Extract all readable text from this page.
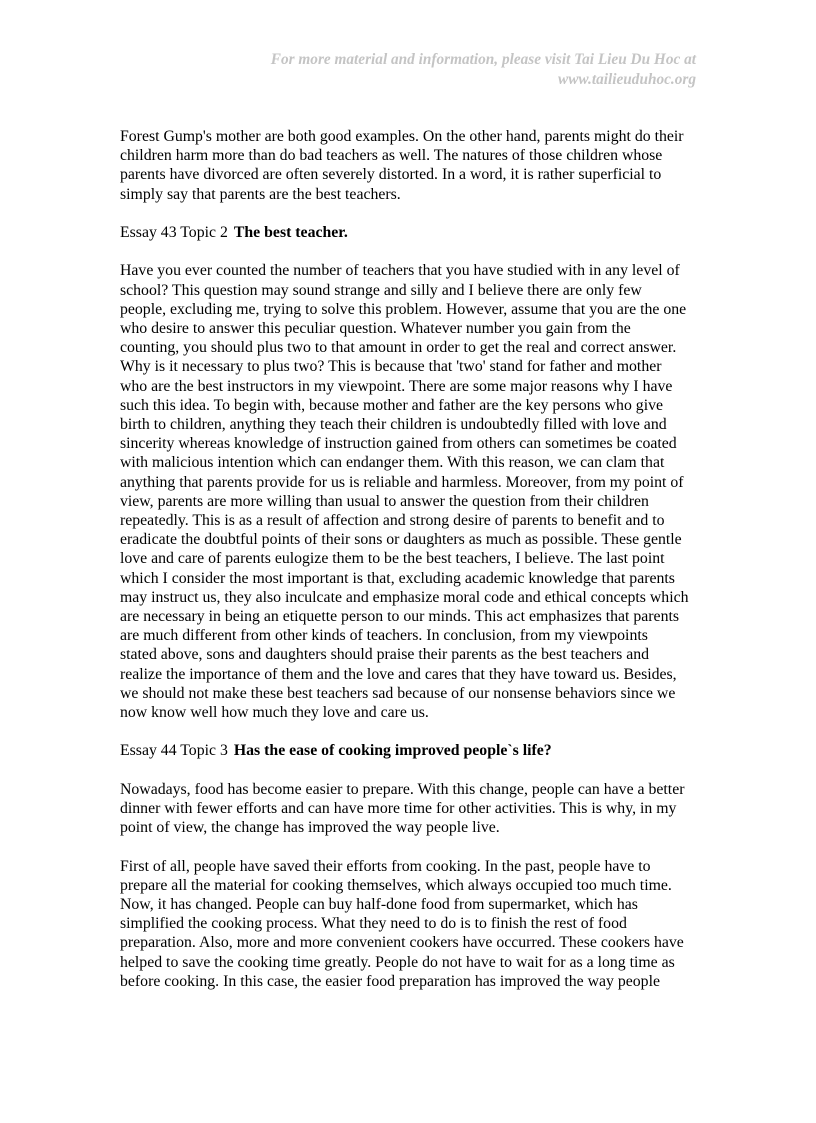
For more material and information, please visit Tai Lieu Du Hoc at
www.tailieuduhoc.org

Forest Gump's mother are both good examples. On the other hand, parents might do their
children harm more than do bad teachers as well. The natures of those children whose
parents have divorced are often severely distorted. In a word, it is rather superficial to
simply say that parents are the best teachers.

Essay 43 Topic 2 The best teacher.

Have you ever counted the number of teachers that you have studied with in any level of
school? This question may sound strange and silly and I believe there are only few
people, excluding me, trying to solve this problem. However, assume that you are the one
who desire to answer this peculiar question. Whatever number you gain from the
counting, you should plus two to that amount in order to get the real and correct answer.
Why is it necessary to plus two? This is because that 'two' stand for father and mother
who are the best instructors in my viewpoint. There are some major reasons why I have
such this idea. To begin with, because mother and father are the key persons who give
birth to children, anything they teach their children is undoubtedly filled with love and
sincerity whereas knowledge of instruction gained from others can sometimes be coated
with malicious intention which can endanger them. With this reason, we can clam that
anything that parents provide for us is reliable and harmless. Moreover, from my point of
view, parents are more willing than usual to answer the question from their children
repeatedly. This is as a result of affection and strong desire of parents to benefit and to
eradicate the doubtful points of their sons or daughters as much as possible. These gentle
love and care of parents eulogize them to be the best teachers, I believe. The last point
which I consider the most important is that, excluding academic knowledge that parents
may instruct us, they also inculcate and emphasize moral code and ethical concepts which
are necessary in being an etiquette person to our minds. This act emphasizes that parents
are much different from other kinds of teachers. In conclusion, from my viewpoints
stated above, sons and daughters should praise their parents as the best teachers and
realize the importance of them and the love and cares that they have toward us. Besides,
we should not make these best teachers sad because of our nonsense behaviors since we
now know well how much they love and care us.

Essay 44 Topic 3 Has the ease of cooking improved people`s life?

Nowadays, food has become easier to prepare. With this change, people can have a better
dinner with fewer efforts and can have more time for other activities. This is why, in my
point of view, the change has improved the way people live.

First of all, people have saved their efforts from cooking. In the past, people have to
prepare all the material for cooking themselves, which always occupied too much time.
Now, it has changed. People can buy half-done food from supermarket, which has
simplified the cooking process. What they need to do is to finish the rest of food
preparation. Also, more and more convenient cookers have occurred. These cookers have
helped to save the cooking time greatly. People do not have to wait for as a long time as
before cooking. In this case, the easier food preparation has improved the way people
